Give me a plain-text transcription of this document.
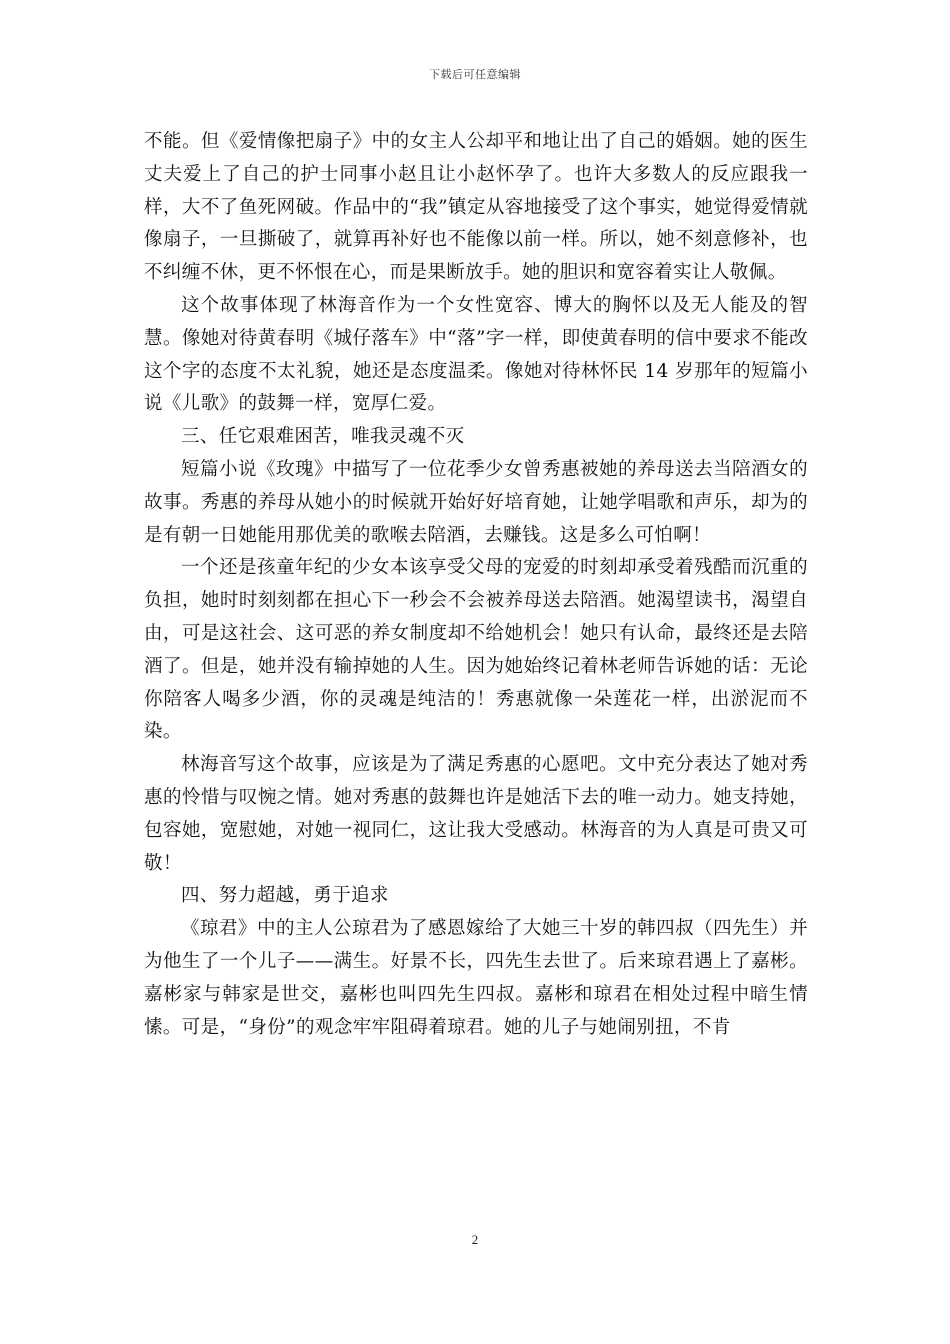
下载后可任意编辑

不能。但《爱情像把扇子》中的女主人公却平和地让出了自己的婚姻。她的医生丈夫爱上了自己的护士同事小赵且让小赵怀孕了。也许大多数人的反应跟我一样，大不了鱼死网破。作品中的“我”镇定从容地接受了这个事实，她觉得爱情就像扇子，一旦撕破了，就算再补好也不能像以前一样。所以，她不刻意修补，也不纠缠不休，更不怀恨在心，而是果断放手。她的胆识和宽容着实让人敬佩。

这个故事体现了林海音作为一个女性宽容、博大的胸怀以及无人能及的智慧。像她对待黄春明《城仔落车》中“落”字一样，即使黄春明的信中要求不能改这个字的态度不太礼貌，她还是态度温柔。像她对待林怀民 14 岁那年的短篇小说《儿歌》的鼓舞一样，宽厚仁爱。

三、任它艰难困苦，唯我灵魂不灭

短篇小说《玫瑰》中描写了一位花季少女曾秀惠被她的养母送去当陪酒女的故事。秀惠的养母从她小的时候就开始好好培育她，让她学唱歌和声乐，却为的是有朝一日她能用那优美的歌喉去陪酒，去赚钱。这是多么可怕啊！

一个还是孩童年纪的少女本该享受父母的宠爱的时刻却承受着残酷而沉重的负担，她时时刻刻都在担心下一秒会不会被养母送去陪酒。她渴望读书，渴望自由，可是这社会、这可恶的养女制度却不给她机会！她只有认命，最终还是去陪酒了。但是，她并没有输掉她的人生。因为她始终记着林老师告诉她的话：无论你陪客人喝多少酒，你的灵魂是纯洁的！秀惠就像一朵莲花一样，出淤泥而不染。

林海音写这个故事，应该是为了满足秀惠的心愿吧。文中充分表达了她对秀惠的怜惜与叹惋之情。她对秀惠的鼓舞也许是她活下去的唯一动力。她支持她，包容她，宽慰她，对她一视同仁，这让我大受感动。林海音的为人真是可贵又可敬！

四、努力超越，勇于追求

《琼君》中的主人公琼君为了感恩嫁给了大她三十岁的韩四叔（四先生）并为他生了一个儿子——满生。好景不长，四先生去世了。后来琼君遇上了嘉彬。嘉彬家与韩家是世交，嘉彬也叫四先生四叔。嘉彬和琼君在相处过程中暗生情愫。可是，“身份”的观念牢牢阻碍着琼君。她的儿子与她闹别扭，不肯

2
